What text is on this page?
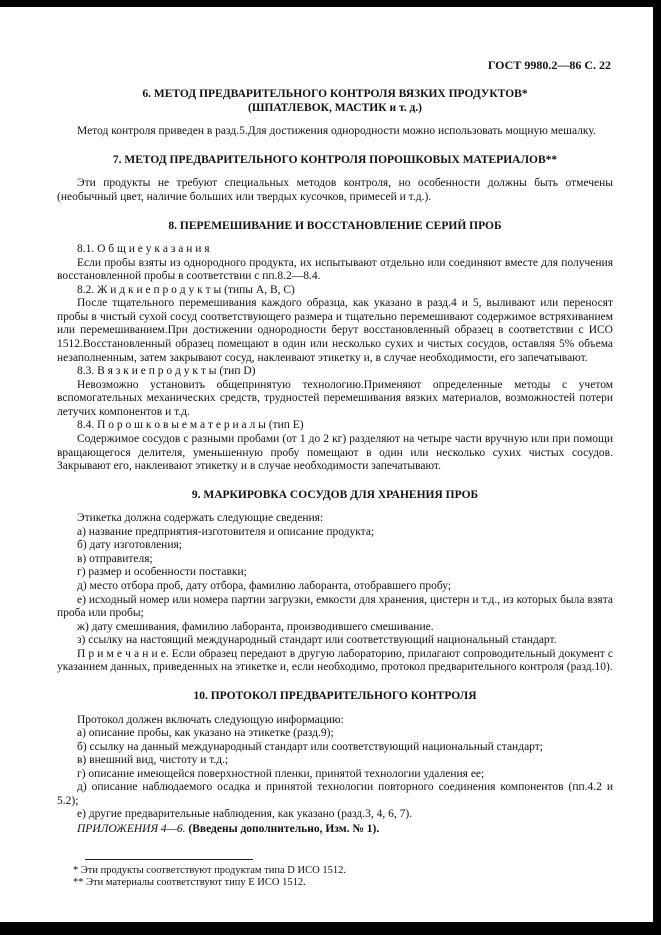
ГОСТ 9980.2—86 С. 22
6. МЕТОД ПРЕДВАРИТЕЛЬНОГО КОНТРОЛЯ ВЯЗКИХ ПРОДУКТОВ*
(ШПАТЛЕВОК, МАСТИК и т. д.)

Метод контроля приведен в разд.5.Для достижения однородности можно использовать мощную мешалку.

7. МЕТОД ПРЕДВАРИТЕЛЬНОГО КОНТРОЛЯ ПОРОШКОВЫХ МАТЕРИАЛОВ**

Эти продукты не требуют специальных методов контроля, но особенности должны быть отмечены (необычный цвет, наличие больших или твердых кусочков, примесей и т.д.).

8. ПЕРЕМЕШИВАНИЕ И ВОССТАНОВЛЕНИЕ СЕРИЙ ПРОБ

8.1. О б щ и е у к а з а н и я

Если пробы взяты из однородного продукта, их испытывают отдельно или соединяют вместе для получения восстановленной пробы в соответствии с пп.8.2—8.4.

8.2. Ж и д к и е п р о д у к т ы (типы А, В, С)

После тщательного перемешивания каждого образца, как указано в разд.4 и 5, выливают или переносят пробы в чистый сухой сосуд соответствующего размера и тщательно перемешивают содержимое встряхиванием или перемешиванием.При достижении однородности берут восстановленный образец в соответствии с ИСО 1512.Восстановленный образец помещают в один или несколько сухих и чистых сосудов, оставляя 5% объема незаполненным, затем закрывают сосуд, наклеивают этикетку и, в случае необходимости, его запечатывают.

8.3. В я з к и е п р о д у к т ы (тип D)

Невозможно установить общепринятую технологию.Применяют определенные методы с учетом вспомогательных механических средств, трудностей перемешивания вязких материалов, возможностей потери летучих компонентов и т.д.

8.4. П о р о ш к о в ы е м а т е р и а л ы (тип Е)

Содержимое сосудов с разными пробами (от 1 до 2 кг) разделяют на четыре части вручную или при помощи вращающегося делителя, уменьшенную пробу помещают в один или несколько сухих чистых сосудов. Закрывают его, наклеивают этикетку и в случае необходимости запечатывают.

9. МАРКИРОВКА СОСУДОВ ДЛЯ ХРАНЕНИЯ ПРОБ

Этикетка должна содержать следующие сведения:

а) название предприятия-изготовителя и описание продукта;

б) дату изготовления;

в) отправителя;

г) размер и особенности поставки;

д) место отбора проб, дату отбора, фамилию лаборанта, отобравшего пробу;

е) исходный номер или номера партии загрузки, емкости для хранения, цистерн и т.д., из которых была взята проба или пробы;

ж) дату смешивания, фамилию лаборанта, производившего смешивание.

з) ссылку на настоящий международный стандарт или соответствующий национальный стандарт.

П р и м е ч а н и е. Если образец передают в другую лабораторию, прилагают сопроводительный документ с указанием данных, приведенных на этикетке и, если необходимо, протокол предварительного контроля (разд.10).

10. ПРОТОКОЛ ПРЕДВАРИТЕЛЬНОГО КОНТРОЛЯ

Протокол должен включать следующую информацию:

а) описание пробы, как указано на этикетке (разд.9);

б) ссылку на данный международный стандарт или соответствующий национальный стандарт;

в) внешний вид, чистоту и т.д.;

г) описание имеющейся поверхностной пленки, принятой технологии удаления ее;

д) описание наблюдаемого осадка и принятой технологии повторного соединения компонентов (пп.4.2 и 5.2);

е) другие предварительные наблюдения, как указано (разд.3, 4, 6, 7).

ПРИЛОЖЕНИЯ 4—6. (Введены дополнительно, Изм. № 1).

* Эти продукты соответствуют продуктам типа D ИСО 1512.

** Эти материалы соответствуют типу Е ИСО 1512.
